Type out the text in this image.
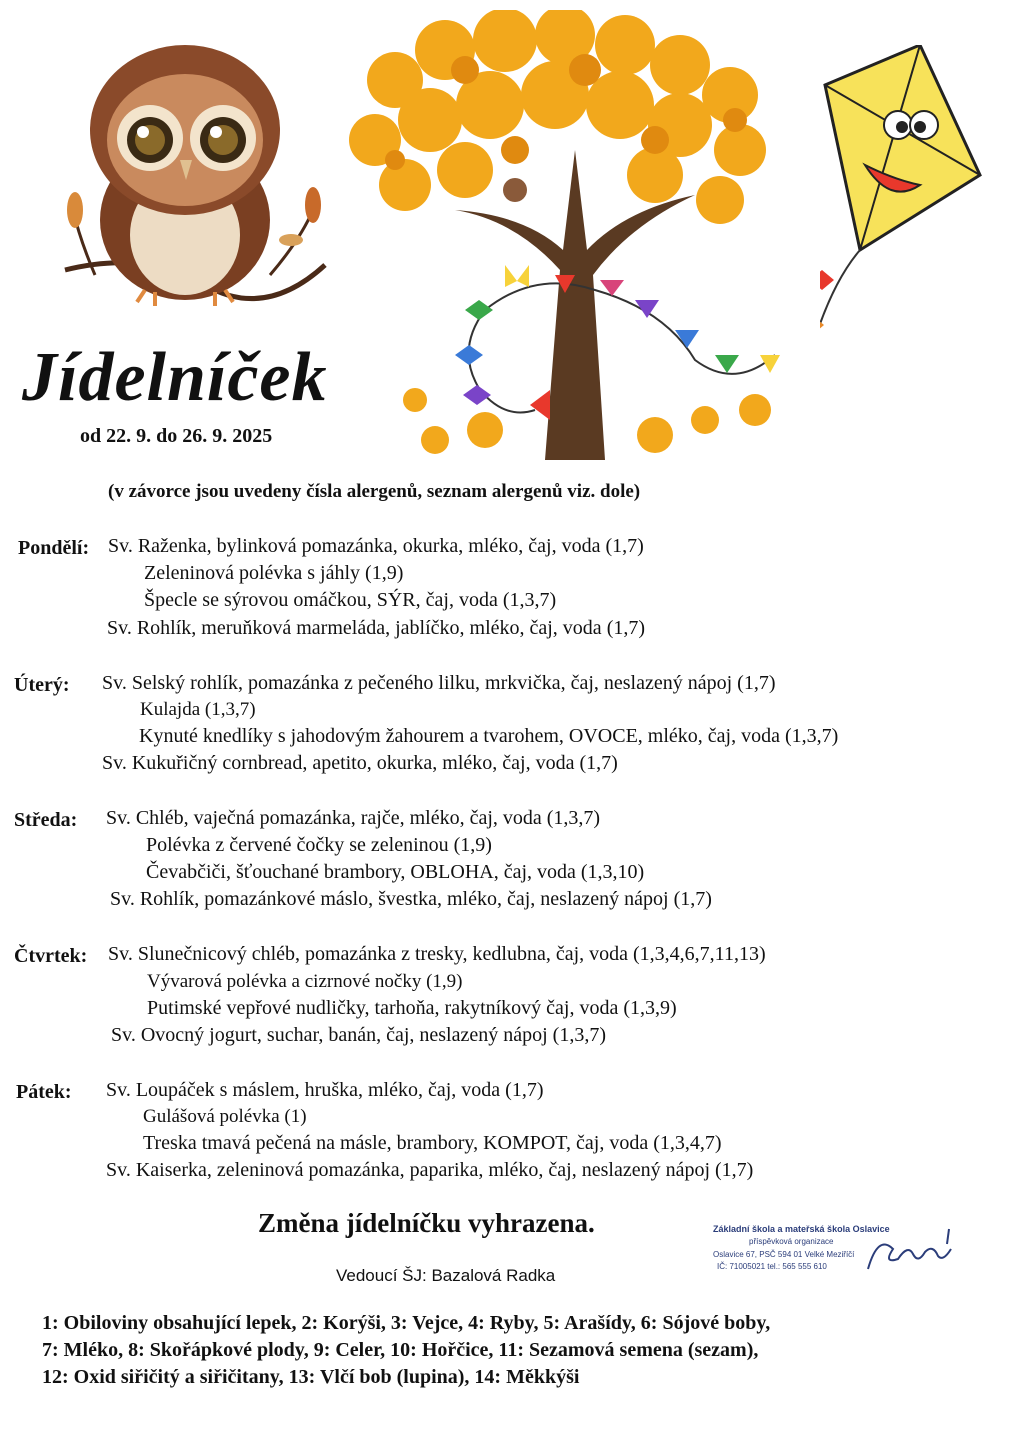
Jídelníček
od 22. 9. do 26. 9. 2025
(v závorce jsou uvedeny čísla alergenů, seznam alergenů viz. dole)
Pondělí: Sv. Raženka, bylinková pomazánka, okurka, mléko, čaj, voda (1,7)
Zeleninová polévka s jáhly (1,9)
Špecle se sýrovou omáčkou, SÝR, čaj, voda (1,3,7)
Sv. Rohlík, meruňková marmeláda, jablíčko, mléko, čaj, voda (1,7)
Úterý: Sv. Selský rohlík, pomazánka z pečeného lilku, mrkvička, čaj, neslazený nápoj (1,7)
Kulajda (1,3,7)
Kynuté knedlíky s jahodovým žahourem a tvarohem, OVOCE, mléko, čaj, voda (1,3,7)
Sv. Kukuřičný cornbread, apetito, okurka, mléko, čaj, voda (1,7)
Středa: Sv. Chléb, vaječná pomazánka, rajče, mléko, čaj, voda (1,3,7)
Polévka z červené čočky se zeleninou (1,9)
Čevabčiči, šťouchané brambory, OBLOHA, čaj, voda (1,3,10)
Sv. Rohlík, pomazánkové máslo, švestka, mléko, čaj, neslazený nápoj (1,7)
Čtvrtek: Sv. Slunečnicový chléb, pomazánka z tresky, kedlubna, čaj, voda (1,3,4,6,7,11,13)
Vývarová polévka a cizrnové nočky (1,9)
Putimské vepřové nudličky, tarhoňa, rakytníkový čaj, voda (1,3,9)
Sv. Ovocný jogurt, suchar, banán, čaj, neslazený nápoj (1,3,7)
Pátek: Sv. Loupáček s máslem, hruška, mléko, čaj, voda (1,7)
Gulášová polévka (1)
Treska tmavá pečená na másle, brambory, KOMPOT, čaj, voda (1,3,4,7)
Sv. Kaiserka, zeleninová pomazánka, paparika, mléko, čaj, neslazený nápoj (1,7)
Změna jídelníčku vyhrazena.
Vedoucí ŠJ: Bazalová Radka
Základní škola a mateřská škola Oslavice
příspěvková organizace
Oslavice 67, PSČ 594 01 Velké Meziříčí
IČ: 71005021 tel.: 565 555 610
1: Obiloviny obsahující lepek, 2: Korýši, 3: Vejce, 4: Ryby, 5: Arašídy, 6: Sójové boby,
7: Mléko, 8: Skořápkové plody, 9: Celer, 10: Hořčice, 11: Sezamová semena (sezam),
12: Oxid siřičitý a siřičitany, 13: Vlčí bob (lupina), 14: Měkkýši
